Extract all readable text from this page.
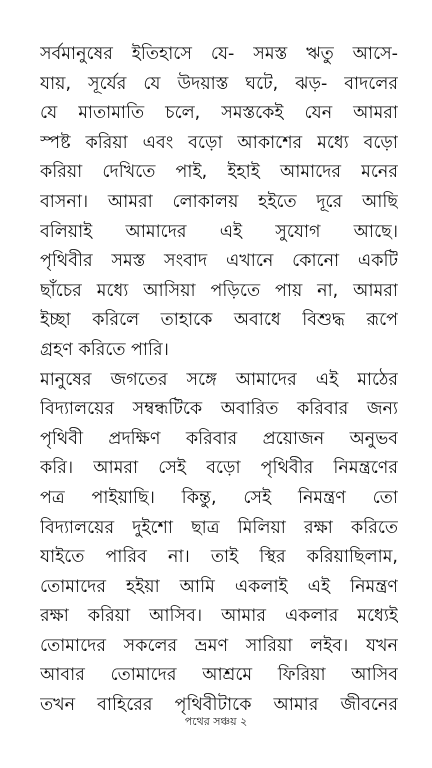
সর্বমানুষের ইতিহাসে যে- সমস্ত ঋতু আসে-
যায়, সূর্যের যে উদয়াস্ত ঘটে, ঝড়- বাদলের
যে মাতামাতি চলে, সমস্তকেই যেন আমরা
স্পষ্ট করিয়া এবং বড়ো আকাশের মধ্যে বড়ো
করিয়া দেখিতে পাই, ইহাই আমাদের মনের
বাসনা। আমরা লোকালয় হইতে দূরে আছি
বলিয়াই আমাদের এই সুযোগ আছে।
পৃথিবীর সমস্ত সংবাদ এখানে কোনো একটি
ছাঁচের মধ্যে আসিয়া পড়িতে পায় না, আমরা
ইচ্ছা করিলে তাহাকে অবাধে বিশুদ্ধ রূপে
গ্রহণ করিতে পারি।
মানুষের জগতের সঙ্গে আমাদের এই মাঠের
বিদ্যালয়ের সম্বন্ধটিকে অবারিত করিবার জন্য
পৃথিবী প্রদক্ষিণ করিবার প্রয়োজন অনুভব
করি। আমরা সেই বড়ো পৃথিবীর নিমন্ত্রণের
পত্র পাইয়াছি। কিন্তু, সেই নিমন্ত্রণ তো
বিদ্যালয়ের দুইশো ছাত্র মিলিয়া রক্ষা করিতে
যাইতে পারিব না। তাই স্থির করিয়াছিলাম,
তোমাদের হইয়া আমি একলাই এই নিমন্ত্রণ
রক্ষা করিয়া আসিব। আমার একলার মধ্যেই
তোমাদের সকলের ভ্রমণ সারিয়া লইব। যখন
আবার তোমাদের আশ্রমে ফিরিয়া আসিব
তখন বাহিরের পৃথিবীটাকে আমার জীবনের
পথের সঞ্চয় ২
